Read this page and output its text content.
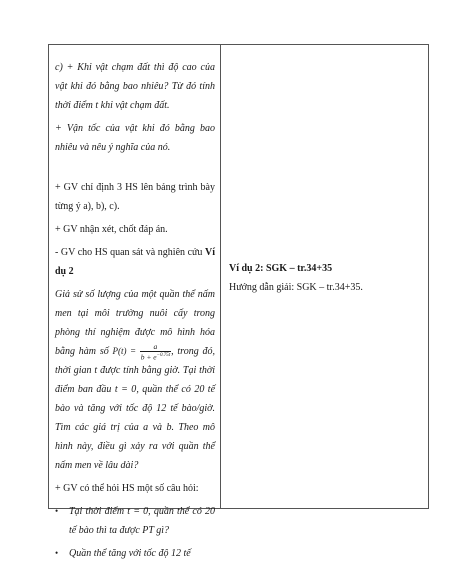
c) + Khi vật chạm đất thì độ cao của vật khi đó bằng bao nhiêu? Từ đó tính thời điểm t khi vật chạm đất.

+ Vận tốc của vật khi đó bằng bao nhiêu và nêu ý nghĩa của nó.

+ GV chỉ định 3 HS lên bảng trình bày từng ý a), b), c).

+ GV nhận xét, chốt đáp án.

- GV cho HS quan sát và nghiên cứu Ví dụ 2

Giả sử số lượng của một quần thể nấm men tại môi trường nuôi cấy trong phòng thí nghiệm được mô hình hóa bằng hàm số $P(t) = \frac{a}{b + e^{-0.75t}}$ , trong đó, thời gian t được tính bằng giờ. Tại thời điểm ban đầu t = 0, quần thể có 20 tế bào và tăng với tốc độ 12 tế bào/giờ. Tìm các giá trị của a và b. Theo mô hình này, điều gì xảy ra với quần thể nấm men về lâu dài?

+ GV có thể hỏi HS một số câu hỏi:

•	Tại thời điểm t = 0, quần thể có 20 tế bào thì ta được PT gì?

•	Quần thể tăng với tốc độ 12 tế

Ví dụ 2: SGK – tr.34+35

Hướng dẫn giải: SGK – tr.34+35.
